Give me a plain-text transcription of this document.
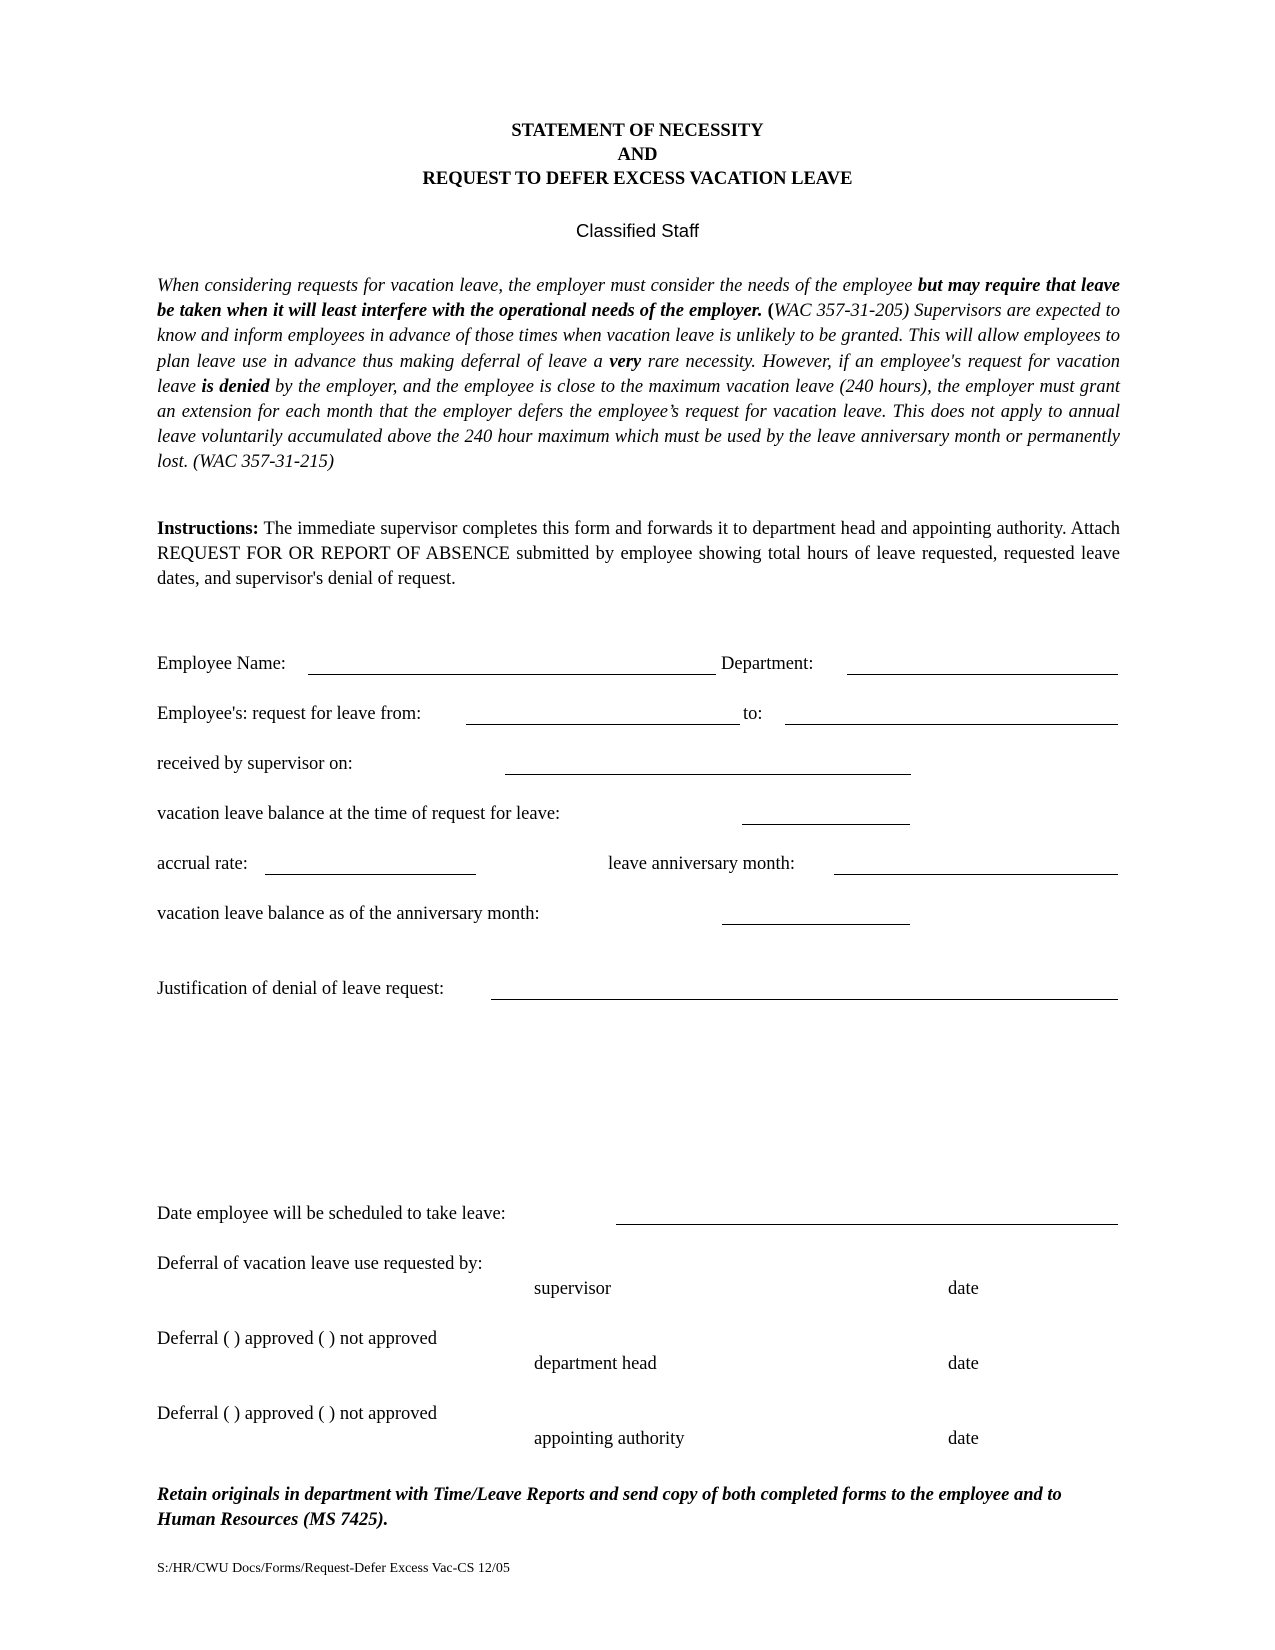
STATEMENT OF NECESSITY
AND
REQUEST TO DEFER EXCESS VACATION LEAVE
Classified Staff
When considering requests for vacation leave, the employer must consider the needs of the employee but may require that leave be taken when it will least interfere with the operational needs of the employer. (WAC 357-31-205) Supervisors are expected to know and inform employees in advance of those times when vacation leave is unlikely to be granted. This will allow employees to plan leave use in advance thus making deferral of leave a very rare necessity. However, if an employee's request for vacation leave is denied by the employer, and the employee is close to the maximum vacation leave (240 hours), the employer must grant an extension for each month that the employer defers the employee’s request for vacation leave. This does not apply to annual leave voluntarily accumulated above the 240 hour maximum which must be used by the leave anniversary month or permanently lost. (WAC 357-31-215)
Instructions: The immediate supervisor completes this form and forwards it to department head and appointing authority. Attach REQUEST FOR OR REPORT OF ABSENCE submitted by employee showing total hours of leave requested, requested leave dates, and supervisor's denial of request.
Employee Name:	Department:
Employee's: request for leave from:	to:
received by supervisor on:
vacation leave balance at the time of request for leave:
accrual rate:	leave anniversary month:
vacation leave balance as of the anniversary month:
Justification of denial of leave request:
Date employee will be scheduled to take leave:
Deferral of vacation leave use requested by:
supervisor	date
Deferral ( ) approved ( ) not approved
department head	date
Deferral ( ) approved ( ) not approved
appointing authority	date
Retain originals in department with Time/Leave Reports and send copy of both completed forms to the employee and to Human Resources (MS 7425).
S:/HR/CWU Docs/Forms/Request-Defer Excess Vac-CS 12/05
